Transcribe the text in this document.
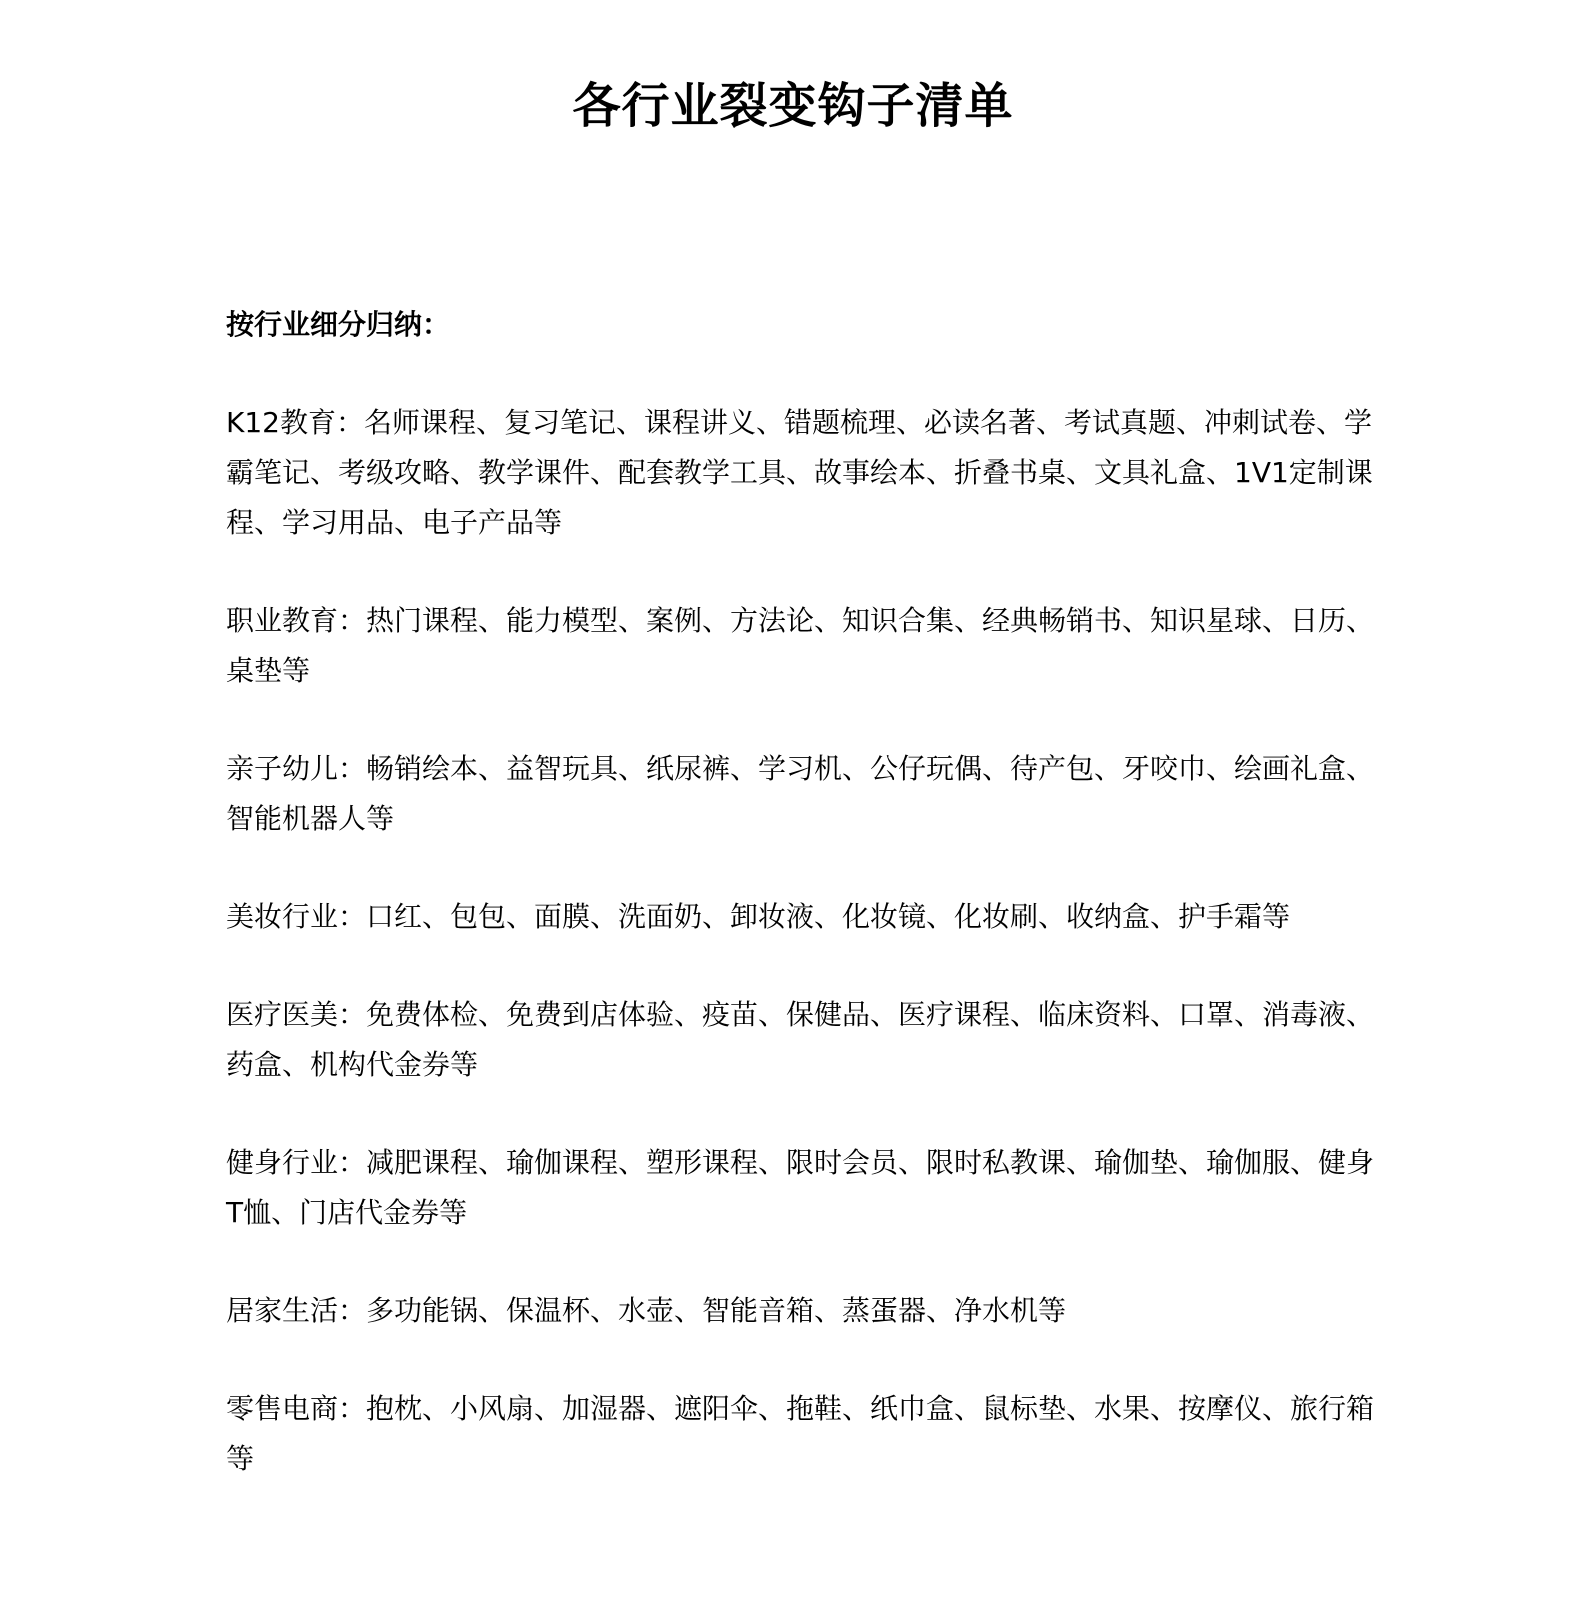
各行业裂变钩子清单

按行业细分归纳：

K12教育：名师课程、复习笔记、课程讲义、错题梳理、必读名著、考试真题、冲刺试卷、学霸笔记、考级攻略、教学课件、配套教学工具、故事绘本、折叠书桌、文具礼盒、1V1定制课程、学习用品、电子产品等

职业教育：热门课程、能力模型、案例、方法论、知识合集、经典畅销书、知识星球、日历、桌垫等

亲子幼儿：畅销绘本、益智玩具、纸尿裤、学习机、公仔玩偶、待产包、牙咬巾、绘画礼盒、智能机器人等

美妆行业：口红、包包、面膜、洗面奶、卸妆液、化妆镜、化妆刷、收纳盒、护手霜等

医疗医美：免费体检、免费到店体验、疫苗、保健品、医疗课程、临床资料、口罩、消毒液、药盒、机构代金券等

健身行业：减肥课程、瑜伽课程、塑形课程、限时会员、限时私教课、瑜伽垫、瑜伽服、健身T恤、门店代金券等

居家生活：多功能锅、保温杯、水壶、智能音箱、蒸蛋器、净水机等

零售电商：抱枕、小风扇、加湿器、遮阳伞、拖鞋、纸巾盒、鼠标垫、水果、按摩仪、旅行箱等
